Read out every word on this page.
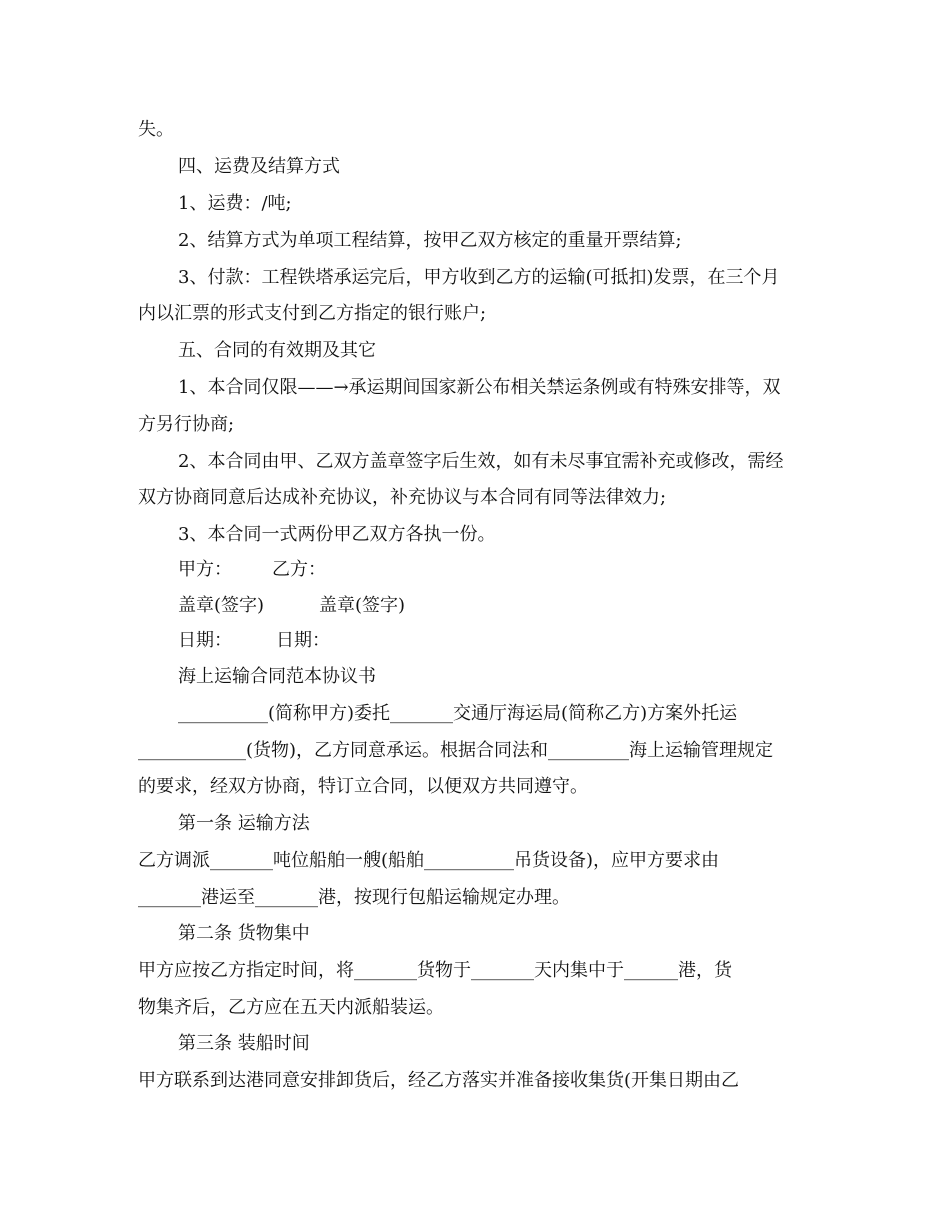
失。
四、运费及结算方式
1、运费：/吨;
2、结算方式为单项工程结算，按甲乙双方核定的重量开票结算;
3、付款：工程铁塔承运完后，甲方收到乙方的运输(可抵扣)发票，在三个月
内以汇票的形式支付到乙方指定的银行账户;
五、合同的有效期及其它
1、本合同仅限——→承运期间国家新公布相关禁运条例或有特殊安排等，双
方另行协商;
2、本合同由甲、乙双方盖章签字后生效，如有未尽事宜需补充或修改，需经
双方协商同意后达成补充协议，补充协议与本合同有同等法律效力;
3、本合同一式两份甲乙双方各执一份。
甲方： 乙方：
盖章(签字)	盖章(签字)
日期： 日期：
海上运输合同范本协议书
__________(简称甲方)委托_______交通厅海运局(简称乙方)方案外托运
____________(货物)，乙方同意承运。根据合同法和_________海上运输管理规定
的要求，经双方协商，特订立合同，以便双方共同遵守。
第一条 运输方法
乙方调派_______吨位船舶一艘(船舶__________吊货设备)，应甲方要求由
_______港运至_______港，按现行包船运输规定办理。
第二条 货物集中
甲方应按乙方指定时间，将_______货物于_______天内集中于______港，货
物集齐后，乙方应在五天内派船装运。
第三条 装船时间
甲方联系到达港同意安排卸货后，经乙方落实并准备接收集货(开集日期由乙
